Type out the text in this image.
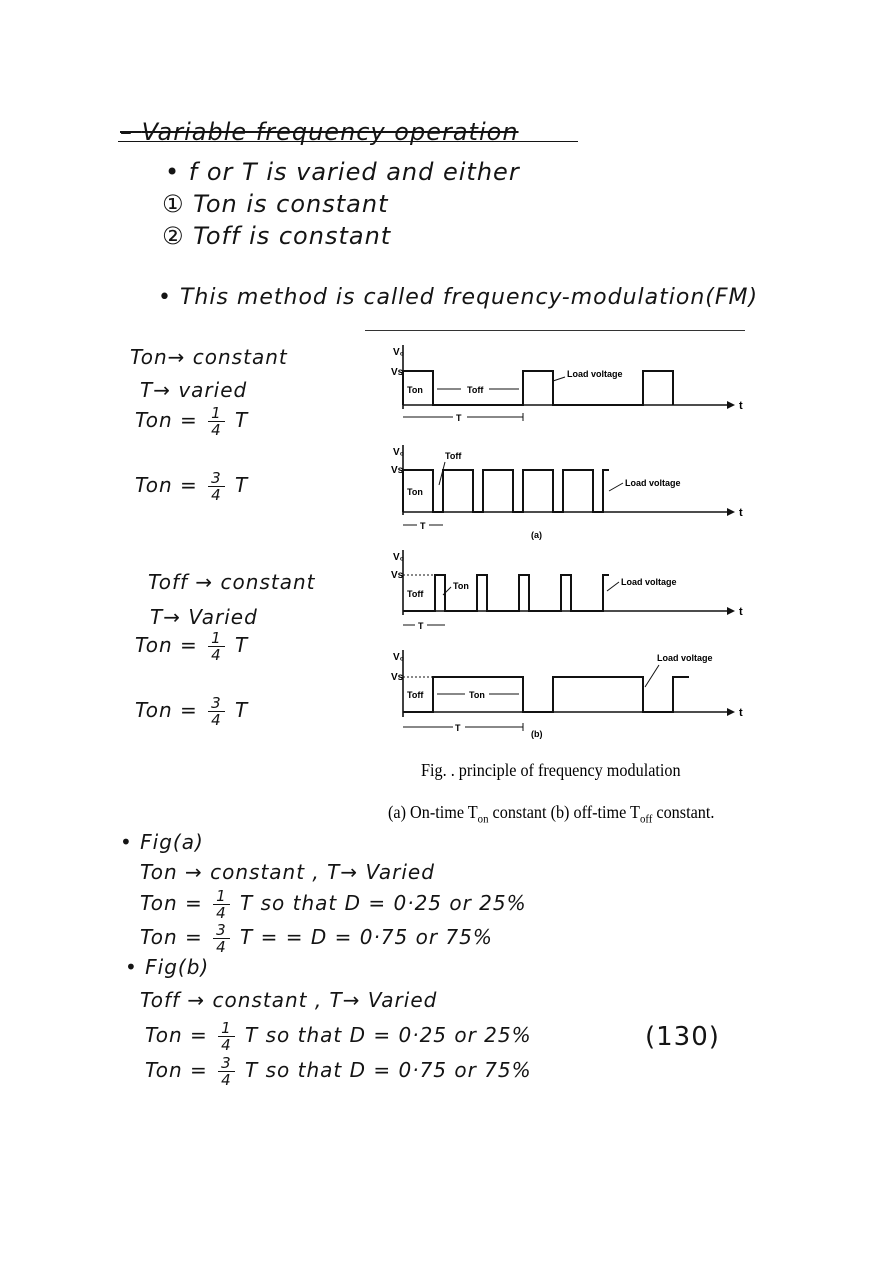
– Variable frequency operation
• f or T is varied and either
① Ton is constant
② Toff is constant
• This method is called frequency-modulation(FM)
Ton→ constant
T→ varied
Ton = $\frac{1}{4}$ T
Ton = $\frac{3}{4}$ T
Toff → constant
T→ Varied
Ton = $\frac{1}{4}$ T
Ton = $\frac{3}{4}$ T
V₀
Vs
t
Ton	Toff
T
Load voltage
V₀
Vs
t
Ton
Toff
T
Load voltage
(a)
V₀
Vs
t
Toff
Ton
T
Load voltage
V₀
Vs
t
Toff	Ton
T
Load voltage
(b)
Fig. . principle of frequency modulation
(a) On-time $T_{on}$ constant (b) off-time $T_{off}$ constant.
• Fig(a)
Ton → constant , T→ Varied
Ton = $\frac{1}{4}$ T so that D = 0·25 or 25%
Ton = $\frac{3}{4}$ T = = D = 0·75 or 75%
• Fig(b)
Toff → constant , T→ Varied
Ton = $\frac{1}{4}$ T so that D = 0·25 or 25%
Ton = $\frac{3}{4}$ T so that D = 0·75 or 75%
(130)
